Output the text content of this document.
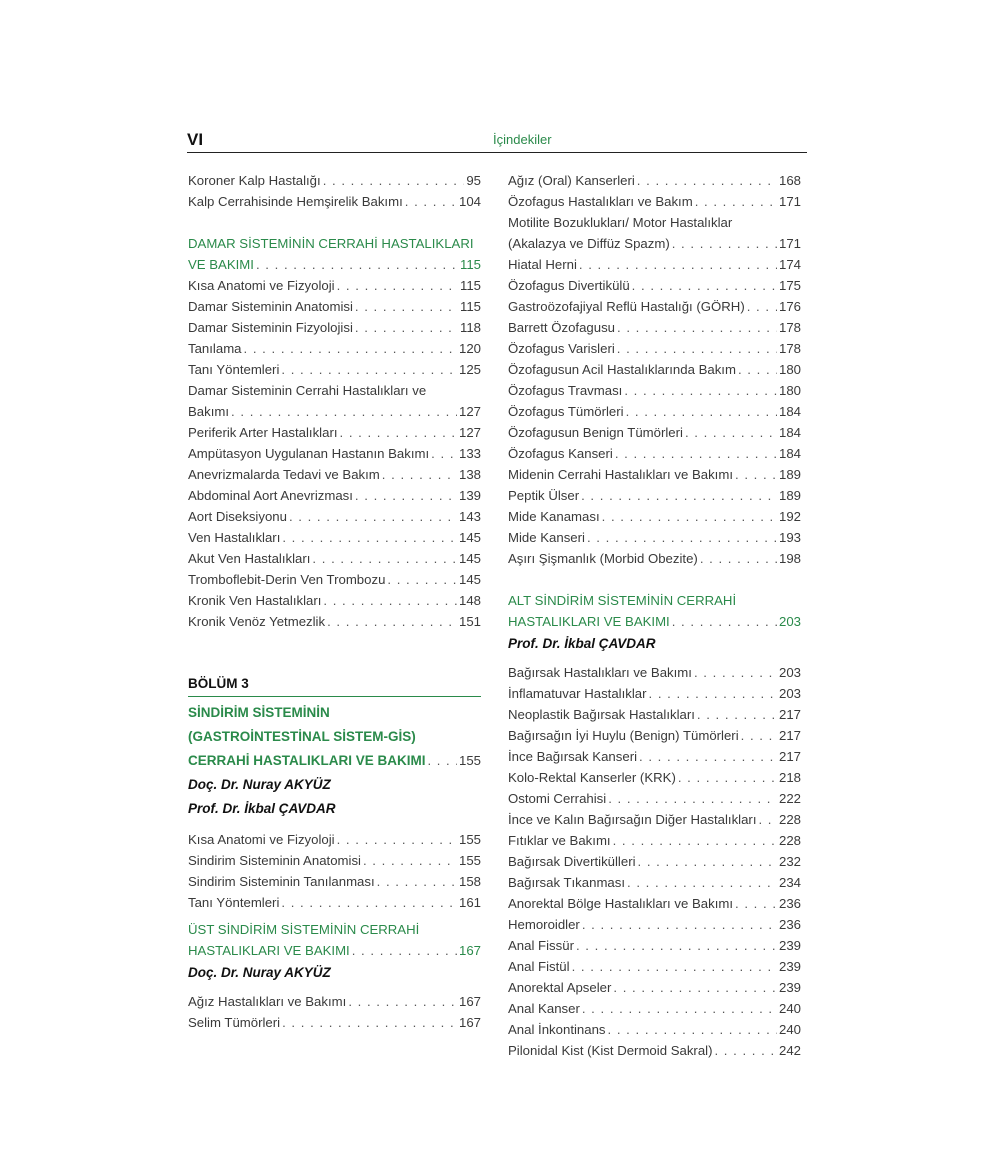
VI	İçindekiler
Koroner Kalp Hastalığı . . .	95
Kalp Cerrahisinde Hemşirelik Bakımı . . .	104
DAMAR SİSTEMİNİN CERRAHİ HASTALIKLARI
VE BAKIMI . . .	115
Kısa Anatomi ve Fizyoloji . . .	115
Damar Sisteminin Anatomisi . . .	115
Damar Sisteminin Fizyolojisi . . .	118
Tanılama . . .	120
Tanı Yöntemleri . . .	125
Damar Sisteminin Cerrahi Hastalıkları ve
Bakımı . . .	127
Periferik Arter Hastalıkları . . .	127
Ampütasyon Uygulanan Hastanın Bakımı . . . 133
Anevrizmalarda Tedavi ve Bakım . . .	138
Abdominal Aort Anevrizması . . .	139
Aort Diseksiyonu . . .	143
Ven Hastalıkları . . .	145
Akut Ven Hastalıkları . . .	145
Tromboflebit-Derin Ven Trombozu . . .	145
Kronik Ven Hastalıkları . . .	148
Kronik Venöz Yetmezlik . . .	151
BÖLÜM 3
SİNDİRİM SİSTEMİNİN
(GASTROİNTESTİNAL SİSTEM-GİS)
CERRAHİ HASTALIKLARI VE BAKIMI . . .	155
Doç. Dr. Nuray AKYÜZ
Prof. Dr. İkbal ÇAVDAR
Kısa Anatomi ve Fizyoloji . . .	155
Sindirim Sisteminin Anatomisi . . .	155
Sindirim Sisteminin Tanılanması . . .	158
Tanı Yöntemleri . . .	161
ÜST SİNDİRİM SİSTEMİNİN CERRAHİ
HASTALIKLARI VE BAKIMI . . .	167
Doç. Dr. Nuray AKYÜZ
Ağız Hastalıkları ve Bakımı . . .	167
Selim Tümörleri . . .	167
Ağız (Oral) Kanserleri . . .	168
Özofagus Hastalıkları ve Bakım . . .	171
Motilite Bozuklukları/ Motor Hastalıklar
(Akalazya ve Diffüz Spazm) . . .	171
Hiatal Herni . . .	174
Özofagus Divertikülü . . .	175
Gastroözofajiyal Reflü Hastalığı (GÖRH) . . .	176
Barrett Özofagusu . . .	178
Özofagus Varisleri . . .	178
Özofagusun Acil Hastalıklarında Bakım . . .	180
Özofagus Travması . . .	180
Özofagus Tümörleri . . .	184
Özofagusun Benign Tümörleri . . .	184
Özofagus Kanseri . . .	184
Midenin Cerrahi Hastalıkları ve Bakımı . . .	189
Peptik Ülser . . .	189
Mide Kanaması . . .	192
Mide Kanseri . . .	193
Aşırı Şişmanlık (Morbid Obezite) . . .	198
ALT SİNDİRİM SİSTEMİNİN CERRAHİ
HASTALIKLARI VE BAKIMI . . .	203
Prof. Dr. İkbal ÇAVDAR
Bağırsak Hastalıkları ve Bakımı . . .	203
İnflamatuvar Hastalıklar . . .	203
Neoplastik Bağırsak Hastalıkları . . .	217
Bağırsağın İyi Huylu (Benign) Tümörleri . . .	217
İnce Bağırsak Kanseri . . .	217
Kolo-Rektal Kanserler (KRK) . . .	218
Ostomi Cerrahisi . . .	222
İnce ve Kalın Bağırsağın Diğer Hastalıkları . . . 228
Fıtıklar ve Bakımı . . .	228
Bağırsak Divertikülleri . . .	232
Bağırsak Tıkanması . . .	234
Anorektal Bölge Hastalıkları ve Bakımı . . .	236
Hemoroidler . . .	236
Anal Fissür . . .	239
Anal Fistül . . .	239
Anorektal Apseler . . .	239
Anal Kanser . . .	240
Anal İnkontinans . . .	240
Pilonidal Kist (Kist Dermoid Sakral) . . .	242
